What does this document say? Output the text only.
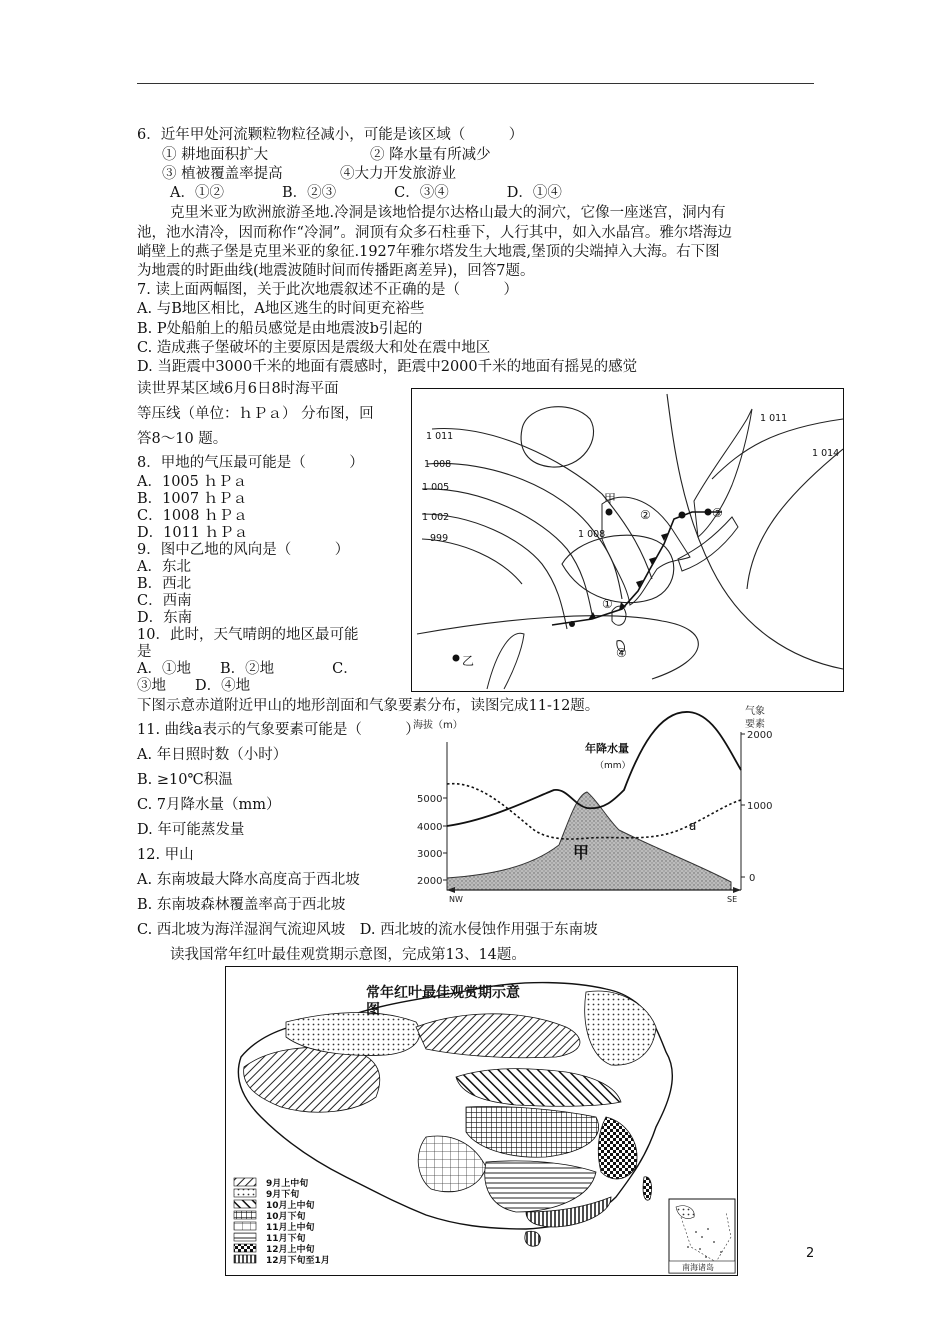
6．近年甲处河流颗粒物粒径减小，可能是该区域（　　　）
① 耕地面积扩大	② 降水量有所减少
③ 植被覆盖率提高	④大力开发旅游业
A．①②　　　　B．②③　　　　C．③④　　　　D．①④
克里米亚为欧洲旅游圣地.冷洞是该地恰提尔达格山最大的洞穴，它像一座迷宫，洞内有
池，池水清冷，因而称作“冷洞”。洞顶有众多石柱垂下，人行其中，如入水晶宫。雅尔塔海边
峭壁上的燕子堡是克里米亚的象征.1927年雅尔塔发生大地震,堡顶的尖端掉入大海。右下图
为地震的时距曲线(地震波随时间而传播距离差异)，回答7题。
7. 读上面两幅图，关于此次地震叙述不正确的是（　　　）
A. 与B地区相比，A地区逃生的时间更充裕些
B. P处船舶上的船员感觉是由地震波b引起的
C. 造成燕子堡破坏的主要原因是震级大和处在震中地区
D. 当距震中3000千米的地面有震感时，距震中2000千米的地面有摇晃的感觉
读世界某区域6月6日8时海平面
等压线（单位：ｈＰａ） 分布图，回
答8～10 题。
8．甲地的气压最可能是（　　　）
A．1005 ｈＰａ
B．1007 ｈＰａ
C．1008 ｈＰａ
D．1011 ｈＰａ
9．图中乙地的风向是（　　　）
A．东北
B．西北
C．西南
D．东南
10．此时，天气晴朗的地区最可能
是
A．①地　　B．②地　　　　C．
③地　　D．④地
1 011
1 008
1 005
1 002
999	1 008
1 011
1 014
甲
乙
①
②	③
④
下图示意赤道附近甲山的地形剖面和气象要素分布，读图完成11-12题。
11. 曲线a表示的气象要素可能是（　　　）
A. 年日照时数（小时）
B. ≥10℃积温
C. 7月降水量（mm）
D. 年可能蒸发量
12. 甲山
A. 东南坡最大降水高度高于西北坡
B. 东南坡森林覆盖率高于西北坡
C. 西北坡为海洋湿润气流迎风坡　D. 西北坡的流水侵蚀作用强于东南坡
读我国常年红叶最佳观赏期示意图，完成第13、14题。
海拔（m）
5000
4000
3000
2000
气象
要素
2000
1000
0
NW	SE
年降水量
（mm）
a
甲
常年红叶最佳观赏期示意
图
9月上中旬
9月下旬
10月上中旬
10月下旬
11月上中旬
11月下旬
12月上中旬
12月下旬至1月
南海诸岛
2
